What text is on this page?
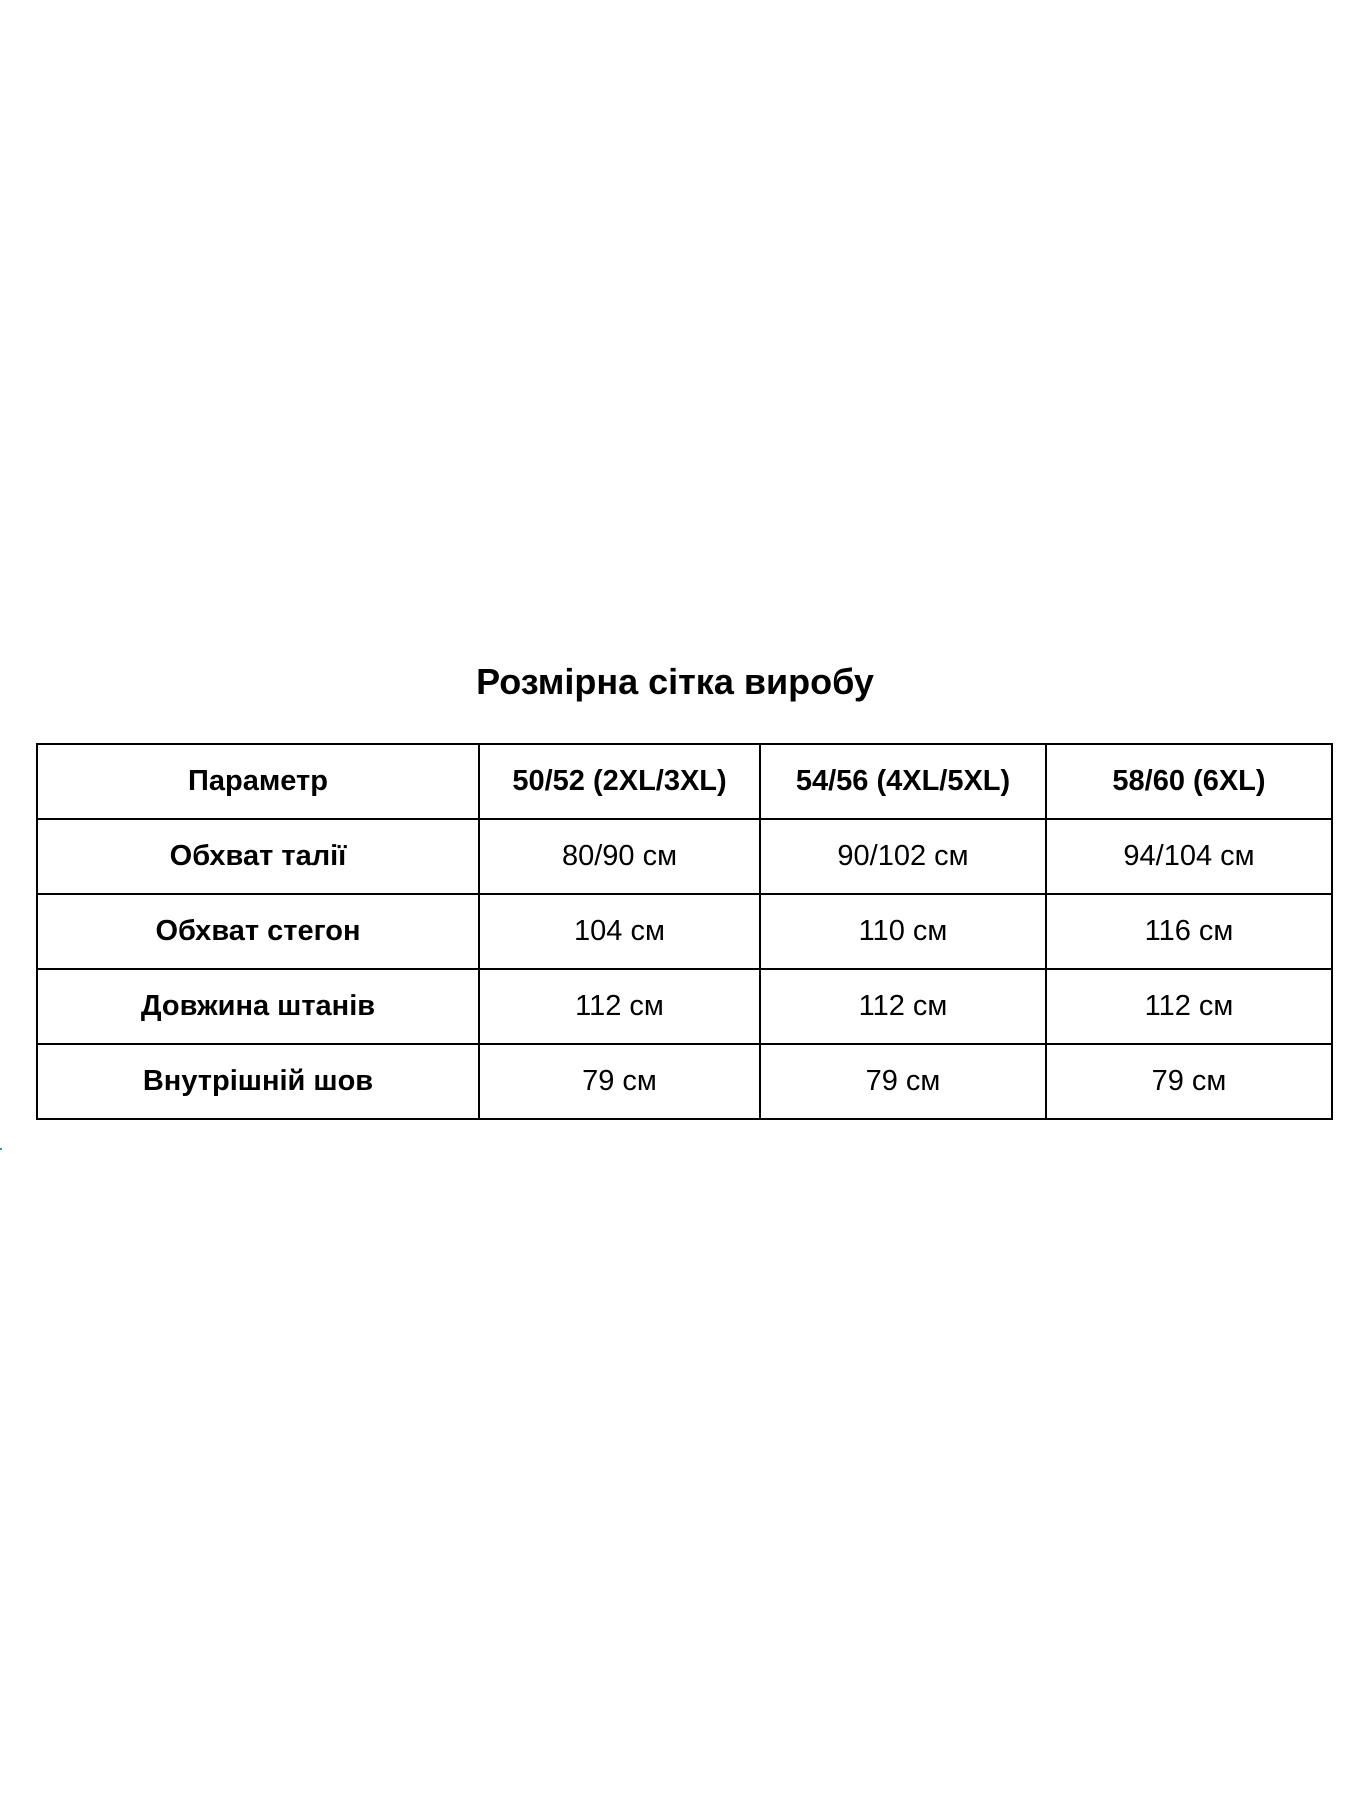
Розмірна сітка виробу
Параметр	50/52 (2XL/3XL)	54/56 (4XL/5XL)	58/60 (6XL)
Обхват талії	80/90 см	90/102 см	94/104 см
Обхват стегон	104 см	110 см	116 см
Довжина штанів	112 см	112 см	112 см
Внутрішній шов	79 см	79 см	79 см
